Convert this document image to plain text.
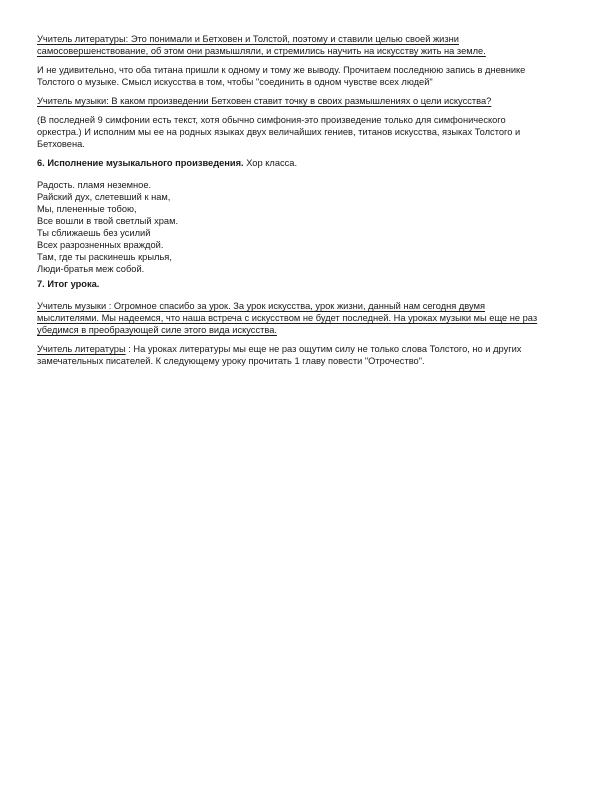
Учитель литературы: Это понимали и Бетховен и Толстой, поэтому и ставили целью своей жизни

самосовершенствование, об этом они размышляли, и стремились научить на искусству жить на земле.

И не удивительно, что оба титана пришли к одному и тому же выводу. Прочитаем последнюю запись в дневнике

Толстого о музыке. Смысл искусства в том, чтобы "соединить в одном чувстве всех людей"

Учитель музыки: В каком произведении Бетховен ставит точку в своих размышлениях о цели искусства?

(В последней 9 симфонии есть текст, хотя обычно симфония-это произведение только для симфонического

оркестра.) И исполним мы ее на родных языках двух величайших гениев, титанов искусства, языках Толстого и

Бетховена.

6. Исполнение музыкального произведения. Хор класса.
Радость. пламя неземное.
Райский дух, слетевший к нам,
Мы, плененные тобою,
Все вошли в твой светлый храм.
Ты сближаешь без усилий
Всех разрозненных враждой.
Там, где ты раскинешь крылья,
Люди-братья меж собой.
7. Итог урока.

Учитель музыки : Огромное спасибо за урок. За урок искусства, урок жизни, данный нам сегодня двумя

мыслителями. Мы надеемся, что наша встреча с искусством не будет последней. На уроках музыки мы еще не раз

убедимся в преобразующей силе этого вида искусства.

Учитель литературы : На уроках литературы мы еще не раз ощутим силу не только слова Толстого, но и других

замечательных писателей. К следующему уроку прочитать 1 главу повести "Отрочество".
